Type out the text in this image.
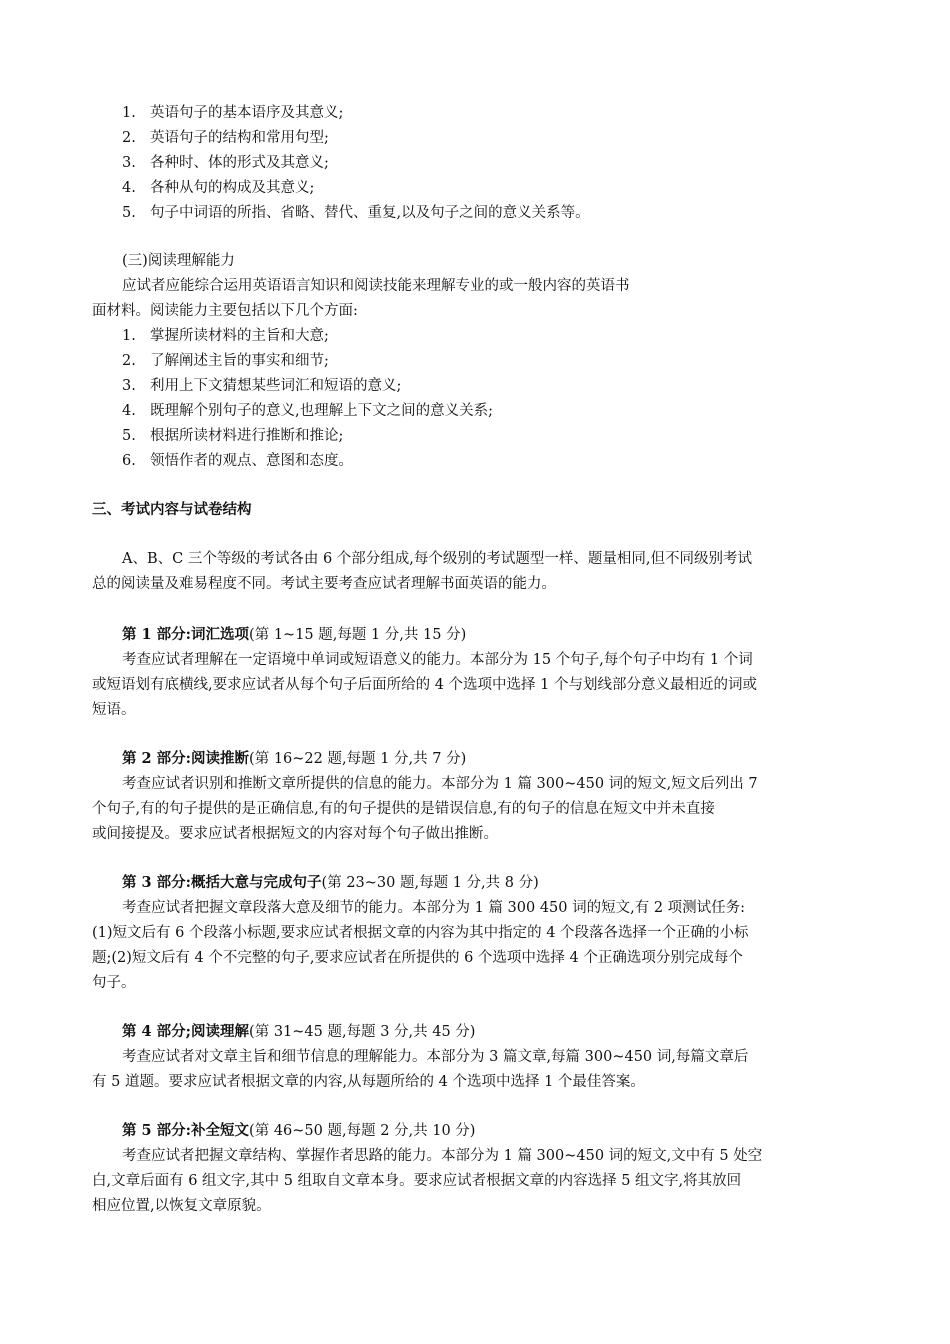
1. 英语句子的基本语序及其意义;
2. 英语句子的结构和常用句型;
3. 各种时、体的形式及其意义;
4. 各种从句的构成及其意义;
5. 句子中词语的所指、省略、替代、重复,以及句子之间的意义关系等。
(三)阅读理解能力
应试者应能综合运用英语语言知识和阅读技能来理解专业的或一般内容的英语书
面材料。阅读能力主要包括以下几个方面:
1. 掌握所读材料的主旨和大意;
2. 了解阐述主旨的事实和细节;
3. 利用上下文猜想某些词汇和短语的意义;
4. 既理解个别句子的意义,也理解上下文之间的意义关系;
5. 根据所读材料进行推断和推论;
6. 领悟作者的观点、意图和态度。
三、考试内容与试卷结构
A、B、C 三个等级的考试各由 6 个部分组成,每个级别的考试题型一样、题量相同,但不同级别考试
总的阅读量及难易程度不同。考试主要考查应试者理解书面英语的能力。
第 1 部分:词汇选项(第 1~15 题,每题 1 分,共 15 分)
考查应试者理解在一定语境中单词或短语意义的能力。本部分为 15 个句子,每个句子中均有 1 个词
或短语划有底横线,要求应试者从每个句子后面所给的 4 个选项中选择 1 个与划线部分意义最相近的词或
短语。
第 2 部分:阅读推断(第 16~22 题,每题 1 分,共 7 分)
考查应试者识别和推断文章所提供的信息的能力。本部分为 1 篇 300~450 词的短文,短文后列出 7
个句子,有的句子提供的是正确信息,有的句子提供的是错误信息,有的句子的信息在短文中并未直接
或间接提及。要求应试者根据短文的内容对每个句子做出推断。
第 3 部分:概括大意与完成句子(第 23~30 题,每题 1 分,共 8 分)
考查应试者把握文章段落大意及细节的能力。本部分为 1 篇 300 450 词的短文,有 2 项测试任务:
(1)短文后有 6 个段落小标题,要求应试者根据文章的内容为其中指定的 4 个段落各选择一个正确的小标
题;(2)短文后有 4 个不完整的句子,要求应试者在所提供的 6 个选项中选择 4 个正确选项分别完成每个
句子。
第 4 部分;阅读理解(第 31~45 题,每题 3 分,共 45 分)
考查应试者对文章主旨和细节信息的理解能力。本部分为 3 篇文章,每篇 300~450 词,每篇文章后
有 5 道题。要求应试者根据文章的内容,从每题所给的 4 个选项中选择 1 个最佳答案。
第 5 部分:补全短文(第 46~50 题,每题 2 分,共 10 分)
考查应试者把握文章结构、掌握作者思路的能力。本部分为 1 篇 300~450 词的短文,文中有 5 处空
白,文章后面有 6 组文字,其中 5 组取自文章本身。要求应试者根据文章的内容选择 5 组文字,将其放回
相应位置,以恢复文章原貌。
